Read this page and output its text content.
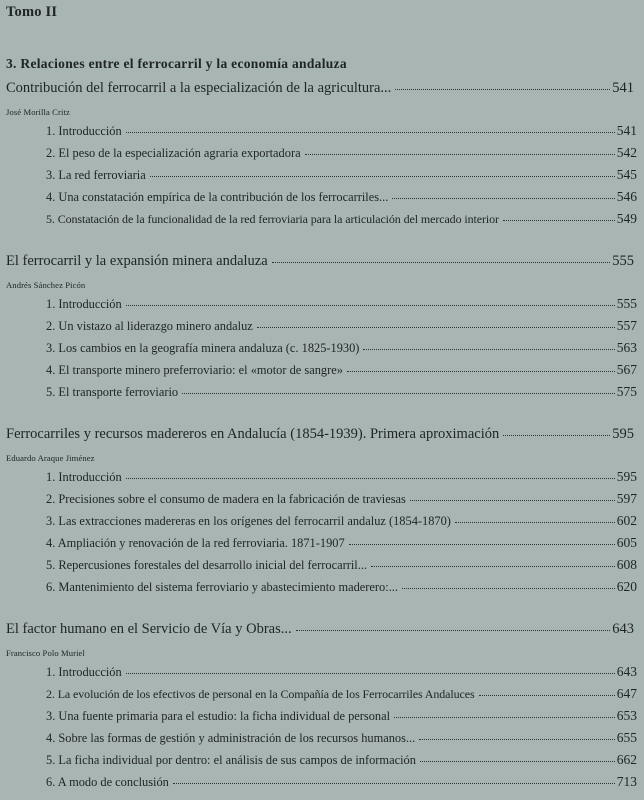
Tomo II
3. Relaciones entre el ferrocarril y la economía andaluza
Contribución del ferrocarril a la especialización de la agricultura...	541
José Morilla Critz
1. Introducción	541
2. El peso de la especialización agraria exportadora	542
3. La red ferroviaria	545
4. Una constatación empírica de la contribución de los ferrocarriles...	546
5. Constatación de la funcionalidad de la red ferroviaria para la articulación del mercado interior	549
El ferrocarril y la expansión minera andaluza	555
Andrés Sánchez Picón
1. Introducción	555
2. Un vistazo al liderazgo minero andaluz	557
3. Los cambios en la geografía minera andaluza (c. 1825-1930)	563
4. El transporte minero preferroviario: el «motor de sangre»	567
5. El transporte ferroviario	575
Ferrocarriles y recursos madereros en Andalucía (1854-1939). Primera aproximación	595
Eduardo Araque Jiménez
1. Introducción	595
2. Precisiones sobre el consumo de madera en la fabricación de traviesas	597
3. Las extracciones madereras en los orígenes del ferrocarril andaluz (1854-1870)	602
4. Ampliación y renovación de la red ferroviaria. 1871-1907	605
5. Repercusiones forestales del desarrollo inicial del ferrocarril...	608
6. Mantenimiento del sistema ferroviario y abastecimiento maderero:...	620
El factor humano en el Servicio de Vía y Obras...	643
Francisco Polo Muriel
1. Introducción	643
2. La evolución de los efectivos de personal en la Compañía de los Ferrocarriles Andaluces	647
3. Una fuente primaria para el estudio: la ficha individual de personal	653
4. Sobre las formas de gestión y administración de los recursos humanos...	655
5. La ficha individual por dentro: el análisis de sus campos de información	662
6. A modo de conclusión	713
